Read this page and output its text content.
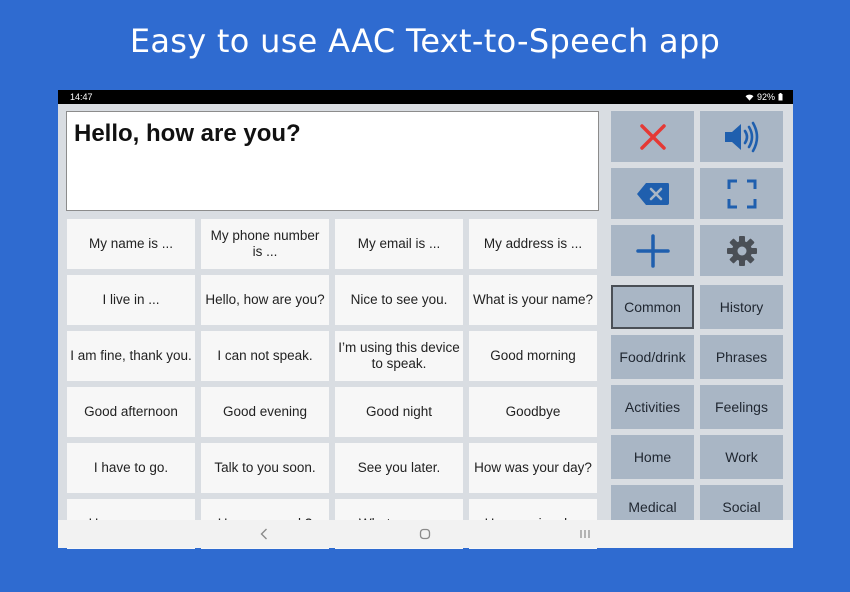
Easy to use AAC Text-to-Speech app
14:47	92%
Hello, how are you?
My name is ...
My phone number is ...
My email is ...	My address is ...
I live in ...	Hello, how are you?	Nice to see you.	What is your name?
I am fine, thank you.	I can not speak.
I’m using this device to speak.
Good morning
Good afternoon	Good evening	Good night	Goodbye
I have to go.	Talk to you soon.	See you later.	How was your day?
Common	History
Food/drink	Phrases
Activities	Feelings
Home	Work
Medical	Social
